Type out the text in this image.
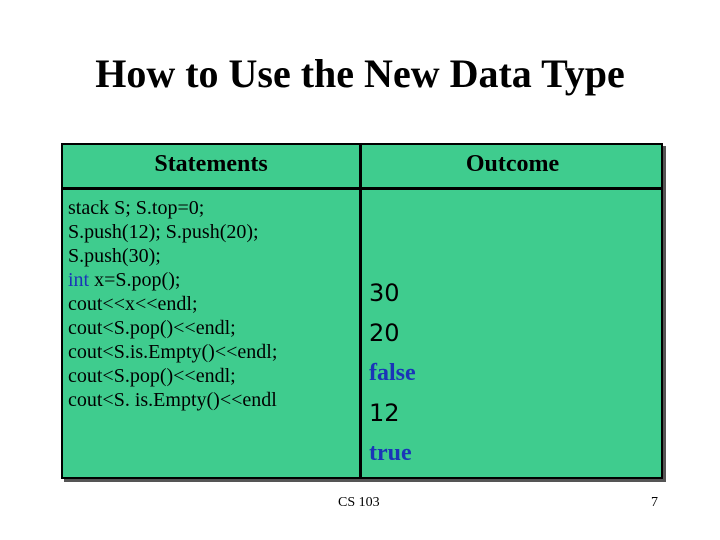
How to Use the New Data Type
Statements	Outcome
stack S; S.top=0;
S.push(12); S.push(20);
S.push(30);
int x=S.pop();
cout<<x<<endl;
cout<S.pop()<<endl;
cout<S.is.Empty()<<endl;
cout<S.pop()<<endl;
cout<S. is.Empty()<<endl
30
20
false
12
true
CS 103	7
